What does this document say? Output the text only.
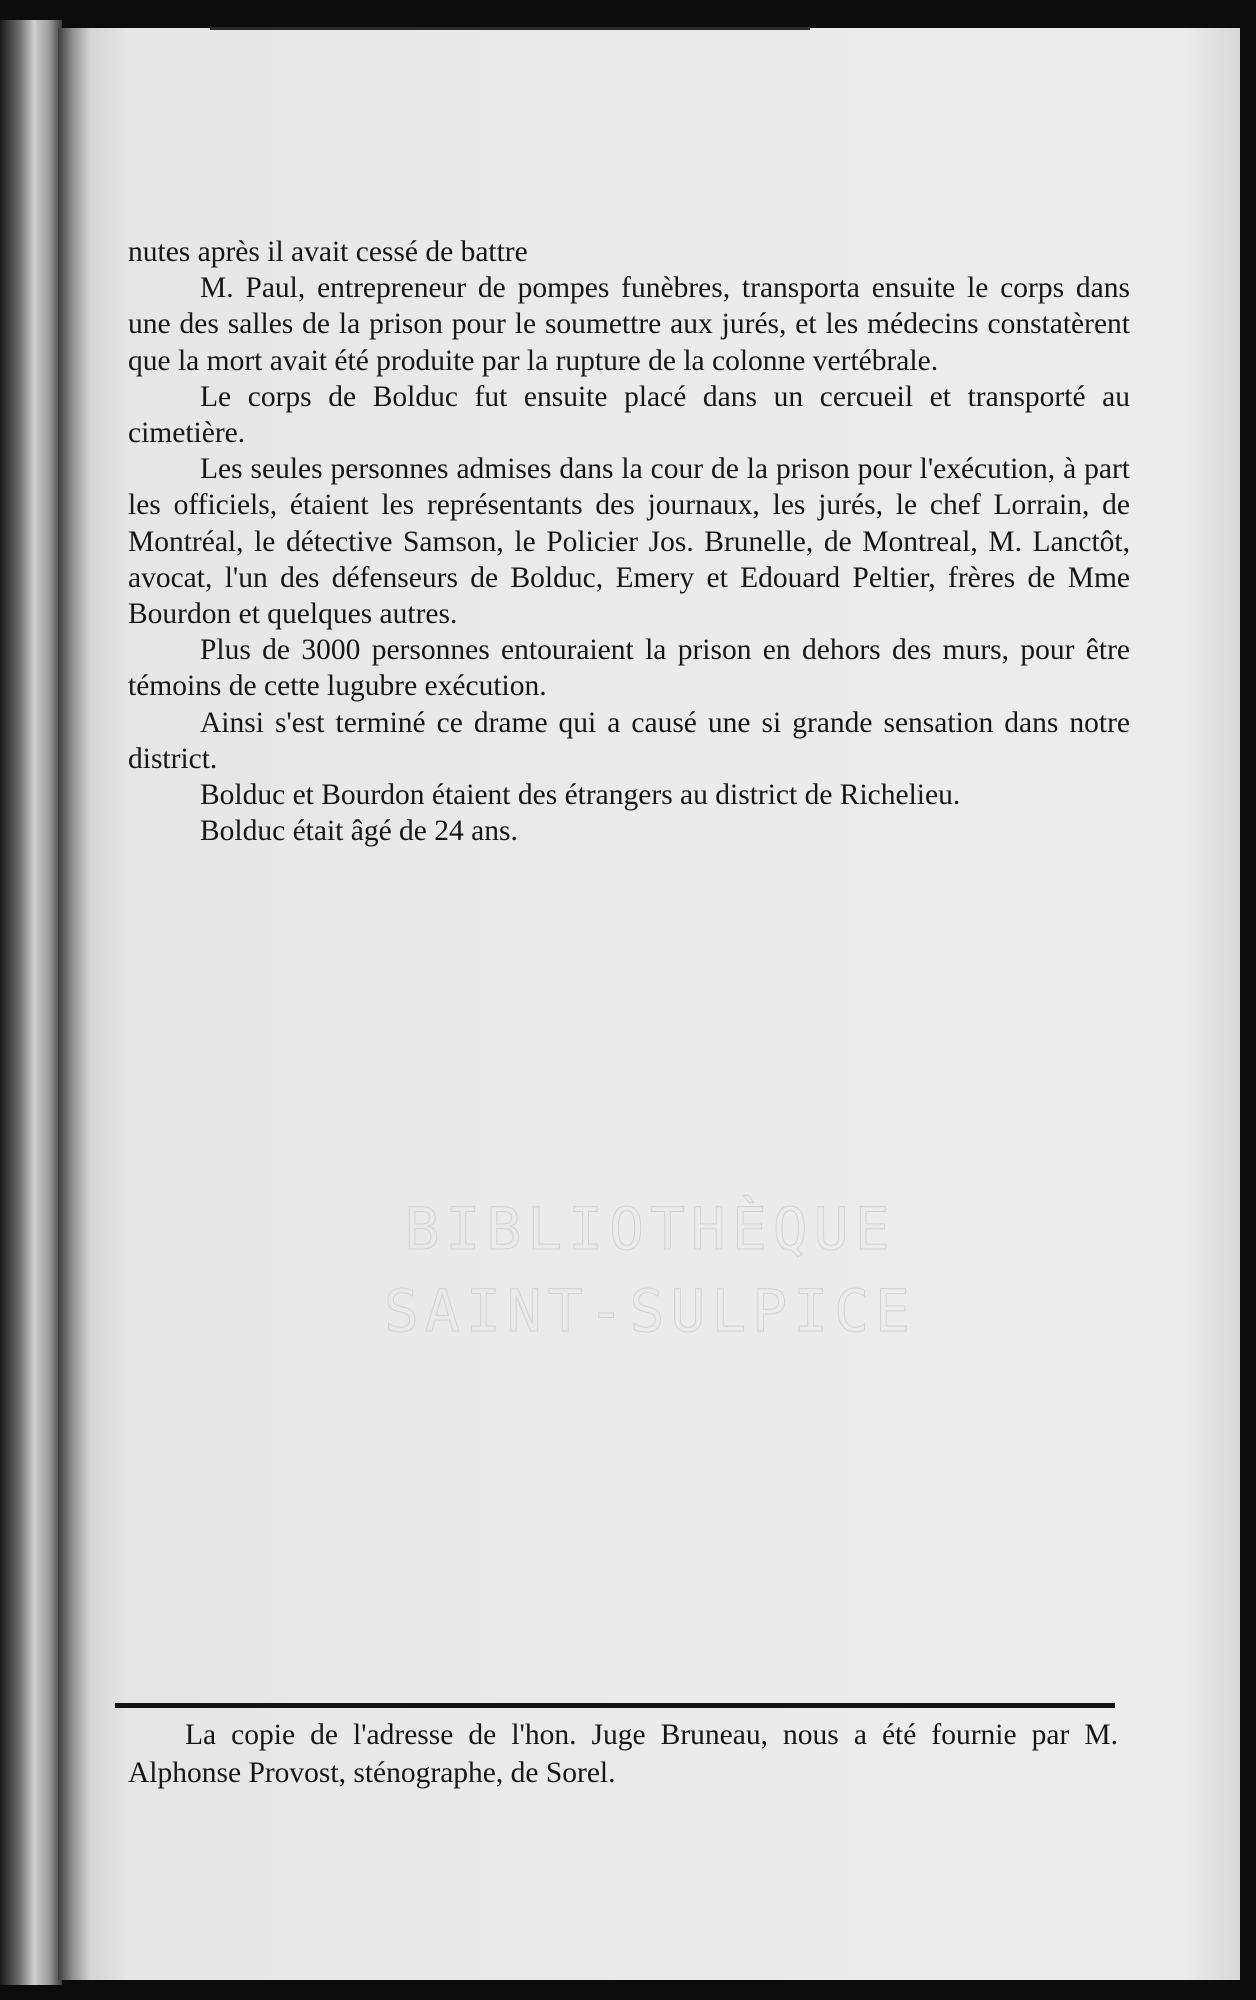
nutes après il avait cessé de battre

M. Paul, entrepreneur de pompes funèbres, transporta ensuite le corps dans une des salles de la prison pour le soumettre aux jurés, et les médecins constatèrent que la mort avait été produite par la rupture de la colonne vertébrale.

Le corps de Bolduc fut ensuite placé dans un cercueil et transporté au cimetière.

Les seules personnes admises dans la cour de la prison pour l'exécution, à part les officiels, étaient les représentants des journaux, les jurés, le chef Lorrain, de Montréal, le détective Samson, le Policier Jos. Brunelle, de Montreal, M. Lanctôt, avocat, l'un des défenseurs de Bolduc, Emery et Edouard Peltier, frères de Mme Bourdon et quelques autres.

Plus de 3000 personnes entouraient la prison en dehors des murs, pour être témoins de cette lugubre exécution.

Ainsi s'est terminé ce drame qui a causé une si grande sensation dans notre district.

Bolduc et Bourdon étaient des étrangers au district de Richelieu.

Bolduc était âgé de 24 ans.

BIBLIOTHÈQUE
SAINT-SULPICE

La copie de l'adresse de l'hon. Juge Bruneau, nous a été fournie par M. Alphonse Provost, sténographe, de Sorel.
